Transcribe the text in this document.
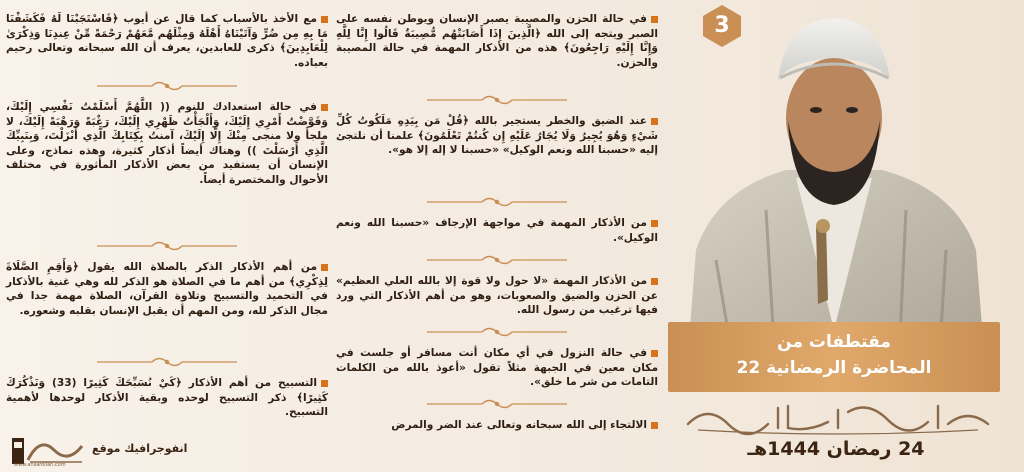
مع الأخذ بالأسباب كما قال عن أيوب ﴿فَاسْتَجَبْنَا لَهُ فَكَشَفْنَا مَا بِهِ مِن ضُرٍّ وَآتَيْنَاهُ أَهْلَهُ وَمِثْلَهُم مَّعَهُمْ رَحْمَةً مِّنْ عِندِنَا وَذِكْرَىٰ لِلْعَابِدِينَ﴾ ذكرى للعابدين، يعرف أن الله سبحانه وتعالى رحيم بعباده.

في حالة استعدادك للنوم (( اللَّهُمَّ أَسْلَمْتُ نَفْسِي إِلَيْكَ، وَفَوَّضْتُ أَمْرِي إِلَيْكَ، وَأَلْجَأْتُ ظَهْرِي إِلَيْكَ، رَغْبَةً وَرَهْبَةً إِلَيْكَ، لا ملجأَ ولا منجى مِنْكَ إِلَّا إِلَيْكَ، آمنتُ بِكِتَابِكَ الَّذِي أَنْزَلْتَ، وَبِنَبِيِّكَ الَّذِي أَرْسَلْتَ )) وهناك أيضاً أذكار كثيرة، وهذه نماذج، وعلى الإنسان أن يستفيد من بعض الأذكار المأثورة في مختلف الأحوال والمختصرة أيضاً.

من أهم الأذكار الذكر بالصلاة الله يقول ﴿وَأَقِمِ الصَّلَاةَ لِذِكْرِي﴾ من أهم ما في الصلاة هو الذكر لله وهي غنية بالأذكار في التحميد والتسبيح وتلاوة القرآن، الصلاة مهمة جدا في مجال الذكر لله، ومن المهم أن يقبل الإنسان بقلبه وشعوره.

التسبيح من أهم الأذكار ﴿كَيْ نُسَبِّحَكَ كَثِيرًا (33) وَنَذْكُرَكَ كَثِيرًا﴾ ذكر التسبيح لوحده وبقية الأذكار لوحدها لأهمية التسبيح.

في حالة الحزن والمصيبة يصبر الإنسان ويوطن نفسه على الصبر ويتجه إلى الله ﴿الَّذِينَ إِذَا أَصَابَتْهُم مُّصِيبَةٌ قَالُوا إِنَّا لِلَّهِ وَإِنَّا إِلَيْهِ رَاجِعُونَ﴾ هذه من الأذكار المهمة في حالة المصيبة والحزن.

عند الضيق والخطر يستجير بالله ﴿قُلْ مَن بِيَدِهِ مَلَكُوتُ كُلِّ شَيْءٍ وَهُوَ يُجِيرُ وَلَا يُجَارُ عَلَيْهِ إِن كُنتُمْ تَعْلَمُونَ﴾ علمنا أن نلتجئ إليه «حسبنا الله ونعم الوكيل» «حسبنا لا إله إلا هو».

من الأذكار المهمة في مواجهة الإرجاف «حسبنا الله ونعم الوكيل».

من الأذكار المهمة «لا حول ولا قوة إلا بالله العلي العظيم» عن الحزن والضيق والصعوبات، وهو من أهم الأذكار التي ورد فيها ترغيب من رسول الله.

في حالة النزول في أي مكان أنت مسافر أو جلست في مكان معين في الجبهة مثلاً تقول «أعوذ بالله من الكلمات التامات من شر ما خلق».

الالتجاء إلى الله سبحانه وتعالى عند الضر والمرض

3
مقتطفات من
المحاضرة الرمضانية 22
24 رمضان 1444هـ
انفوجرافيك موقع
www.ansarollah.com
